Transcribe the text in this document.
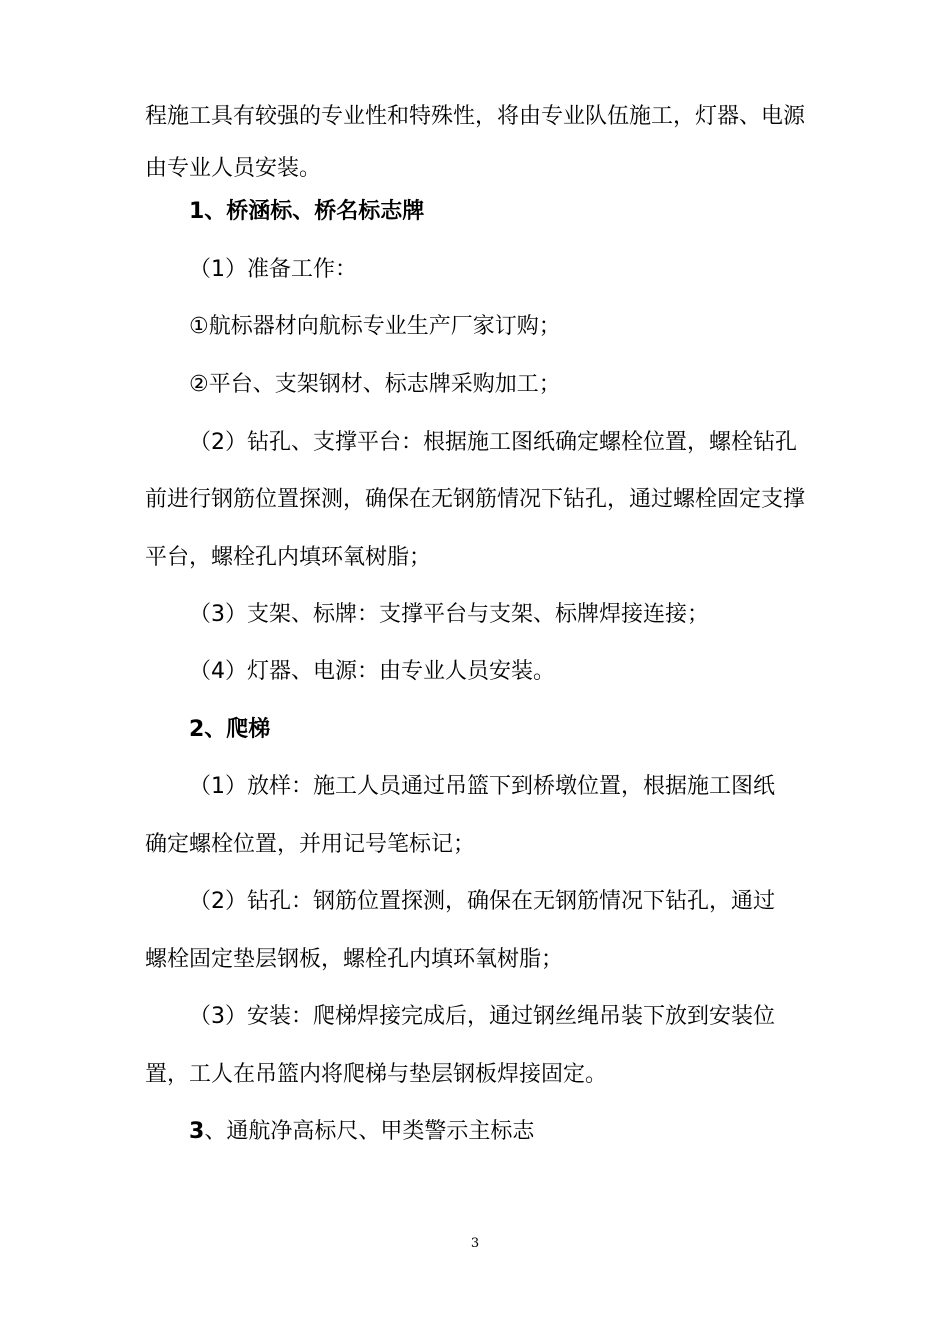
程施工具有较强的专业性和特殊性，将由专业队伍施工，灯器、电源

由专业人员安装。

1、桥涵标、桥名标志牌

（1）准备工作：

①航标器材向航标专业生产厂家订购；

②平台、支架钢材、标志牌采购加工；

（2）钻孔、支撑平台：根据施工图纸确定螺栓位置，螺栓钻孔

前进行钢筋位置探测，确保在无钢筋情况下钻孔，通过螺栓固定支撑

平台，螺栓孔内填环氧树脂；

（3）支架、标牌：支撑平台与支架、标牌焊接连接；

（4）灯器、电源：由专业人员安装。

2、爬梯

（1）放样：施工人员通过吊篮下到桥墩位置，根据施工图纸

确定螺栓位置，并用记号笔标记；

（2）钻孔：钢筋位置探测，确保在无钢筋情况下钻孔，通过

螺栓固定垫层钢板，螺栓孔内填环氧树脂；

（3）安装：爬梯焊接完成后，通过钢丝绳吊装下放到安装位

置，工人在吊篮内将爬梯与垫层钢板焊接固定。

3、通航净高标尺、甲类警示主标志

3
